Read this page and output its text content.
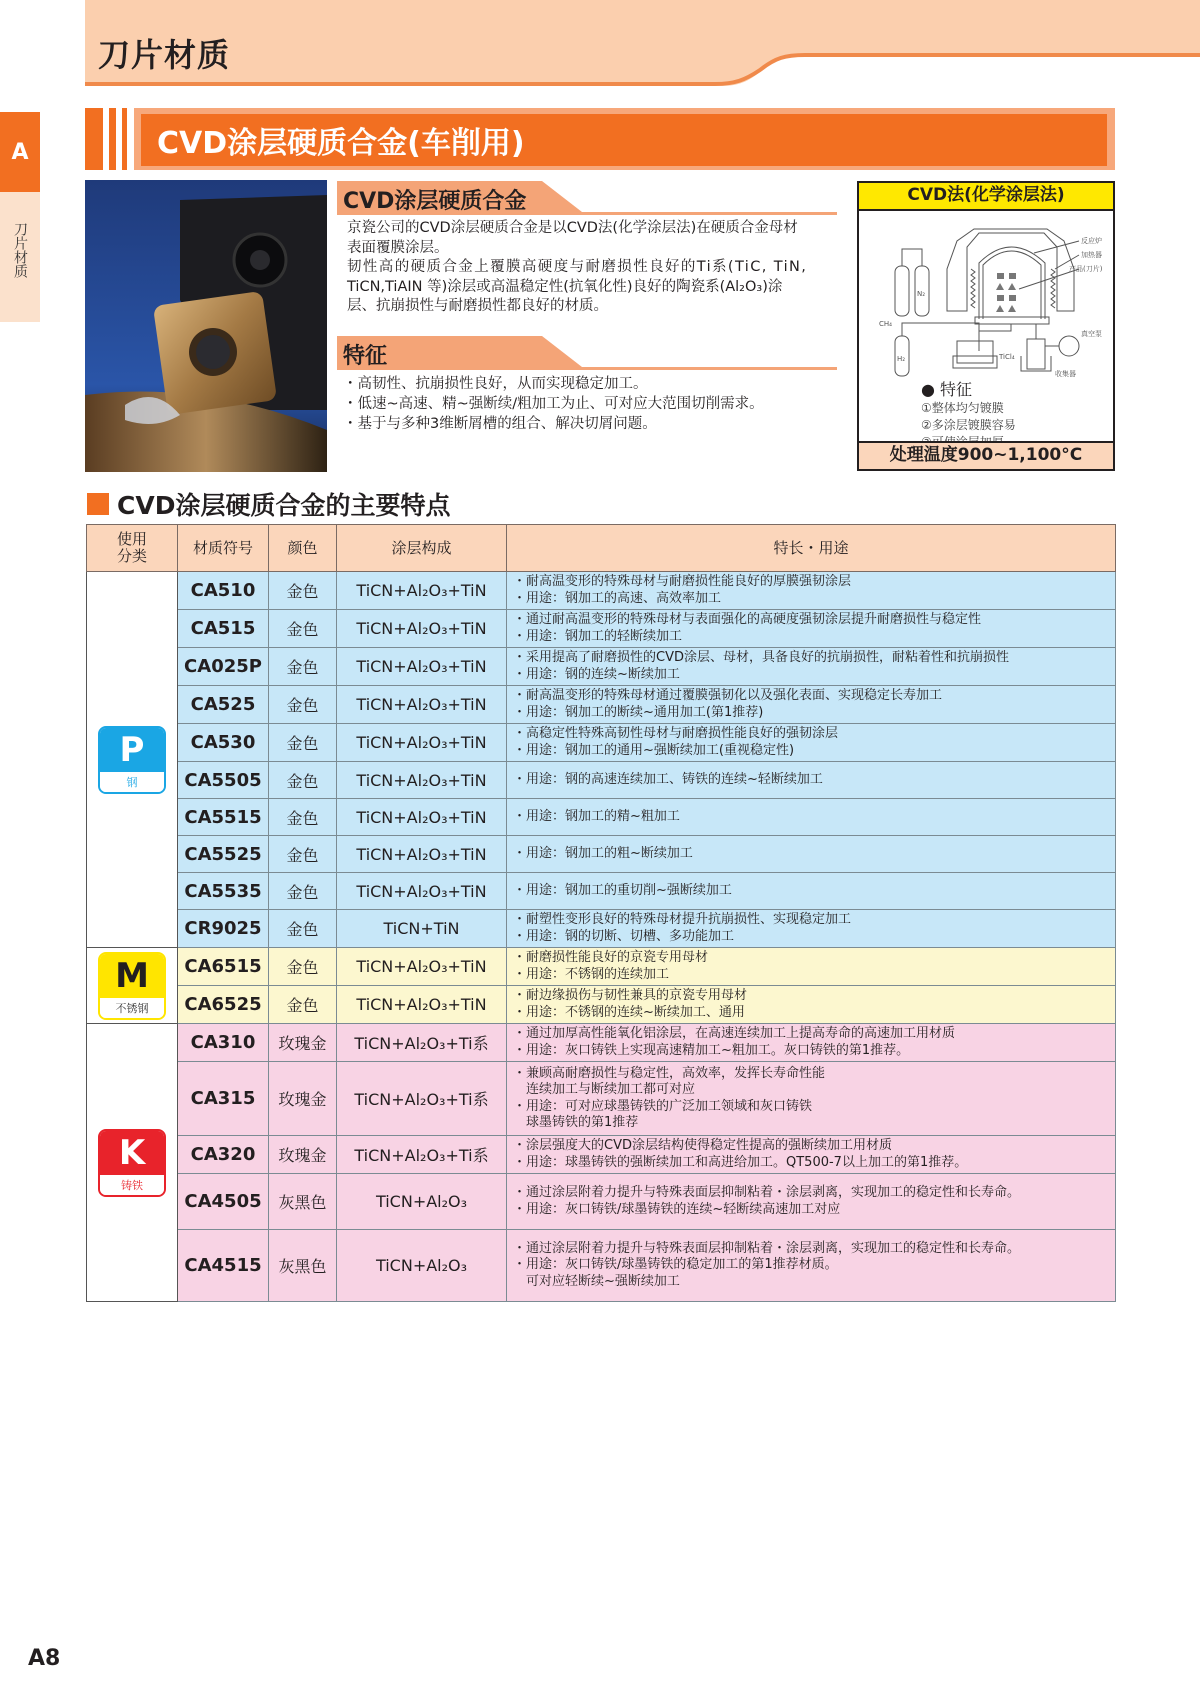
刀片材质
A
刀片材质
CVD涂层硬质合金(车削用)
CVD涂层硬质合金
京瓷公司的CVD涂层硬质合金是以CVD法(化学涂层法)在硬质合金母材
表面覆膜涂层。
韧性高的硬质合金上覆膜高硬度与耐磨损性良好的Ti系(TiC, TiN,
TiCN,TiAIN 等)涂层或高温稳定性(抗氧化性)良好的陶瓷系(Al₂O₃)涂
层、抗崩损性与耐磨损性都良好的材质。
特征
・高韧性、抗崩损性良好，从而实现稳定加工。
・低速~高速、精~强断续/粗加工为止、可对应大范围切削需求。
・基于与多种3维断屑槽的组合、解决切屑问题。
CVD法(化学涂层法)
反应炉
加热器
产品(刀片)
真空泵
收集器
CH₄
N₂
H₂	TiCl₄
● 特征
①整体均匀镀膜
②多涂层镀膜容易
处理温度900~1,100°C
CVD涂层硬质合金的主要特点
使用
分类	材质符号	颜色	涂层构成	特长・用途

P
钢
	CA510	金色	TiCN+Al₂O₃+TiN	・耐高温变形的特殊母材与耐磨损性能良好的厚膜强韧涂层
・用途：钢加工的高速、高效率加工

	CA515	金色	TiCN+Al₂O₃+TiN	・通过耐高温变形的特殊母材与表面强化的高硬度强韧涂层提升耐磨损性与稳定性
・用途：钢加工的轻断续加工

	CA025P	金色	TiCN+Al₂O₃+TiN	・采用提高了耐磨损性的CVD涂层、母材，具备良好的抗崩损性，耐粘着性和抗崩损性
・用途：钢的连续~断续加工

	CA525	金色	TiCN+Al₂O₃+TiN	・耐高温变形的特殊母材通过覆膜强韧化以及强化表面、实现稳定长寿加工
・用途：钢加工的断续~通用加工(第1推荐)

	CA530	金色	TiCN+Al₂O₃+TiN	・高稳定性特殊高韧性母材与耐磨损性能良好的强韧涂层
・用途：钢加工的通用~强断续加工(重视稳定性)

	CA5505	金色	TiCN+Al₂O₃+TiN	・用途：钢的高速连续加工、铸铁的连续~轻断续加工

	CA5515	金色	TiCN+Al₂O₃+TiN	・用途：钢加工的精~粗加工

	CA5525	金色	TiCN+Al₂O₃+TiN	・用途：钢加工的粗~断续加工

	CA5535	金色	TiCN+Al₂O₃+TiN	・用途：钢加工的重切削~强断续加工

	CR9025	金色	TiCN+TiN	・耐塑性变形良好的特殊母材提升抗崩损性、实现稳定加工
・用途：钢的切断、切槽、多功能加工

M
不锈钢
	CA6515	金色	TiCN+Al₂O₃+TiN	・耐磨损性能良好的京瓷专用母材
・用途：不锈钢的连续加工

	CA6525	金色	TiCN+Al₂O₃+TiN	・耐边缘损伤与韧性兼具的京瓷专用母材
・用途：不锈钢的连续~断续加工、通用

K
铸铁
	CA310	玫瑰金	TiCN+Al₂O₃+Ti系	
・通过加厚高性能氧化铝涂层，在高速连续加工上提高寿命的高速加工用材质
・用途：灰口铸铁上实现高速精加工~粗加工。灰口铸铁的第1推荐。

	CA315	玫瑰金	TiCN+Al₂O₃+Ti系	・兼顾高耐磨损性与稳定性，高效率，发挥长寿命性能
　连续加工与断续加工都可对应
・用途：可对应球墨铸铁的广泛加工领域和灰口铸铁
　球墨铸铁的第1推荐

	CA320	玫瑰金	TiCN+Al₂O₃+Ti系	・涂层强度大的CVD涂层结构使得稳定性提高的强断续加工用材质
・用途：球墨铸铁的强断续加工和高进给加工。QT500-7以上加工的第1推荐。

	CA4505	灰黑色	TiCN+Al₂O₃	・通过涂层附着力提升与特殊表面层抑制粘着・涂层剥离，实现加工的稳定性和长寿命。
・用途：灰口铸铁/球墨铸铁的连续~轻断续高速加工对应

	CA4515	灰黑色	TiCN+Al₂O₃	・通过涂层附着力提升与特殊表面层抑制粘着・涂层剥离，实现加工的稳定性和长寿命。
・用途：灰口铸铁/球墨铸铁的稳定加工的第1推荐材质。
　可对应轻断续~强断续加工
A8
